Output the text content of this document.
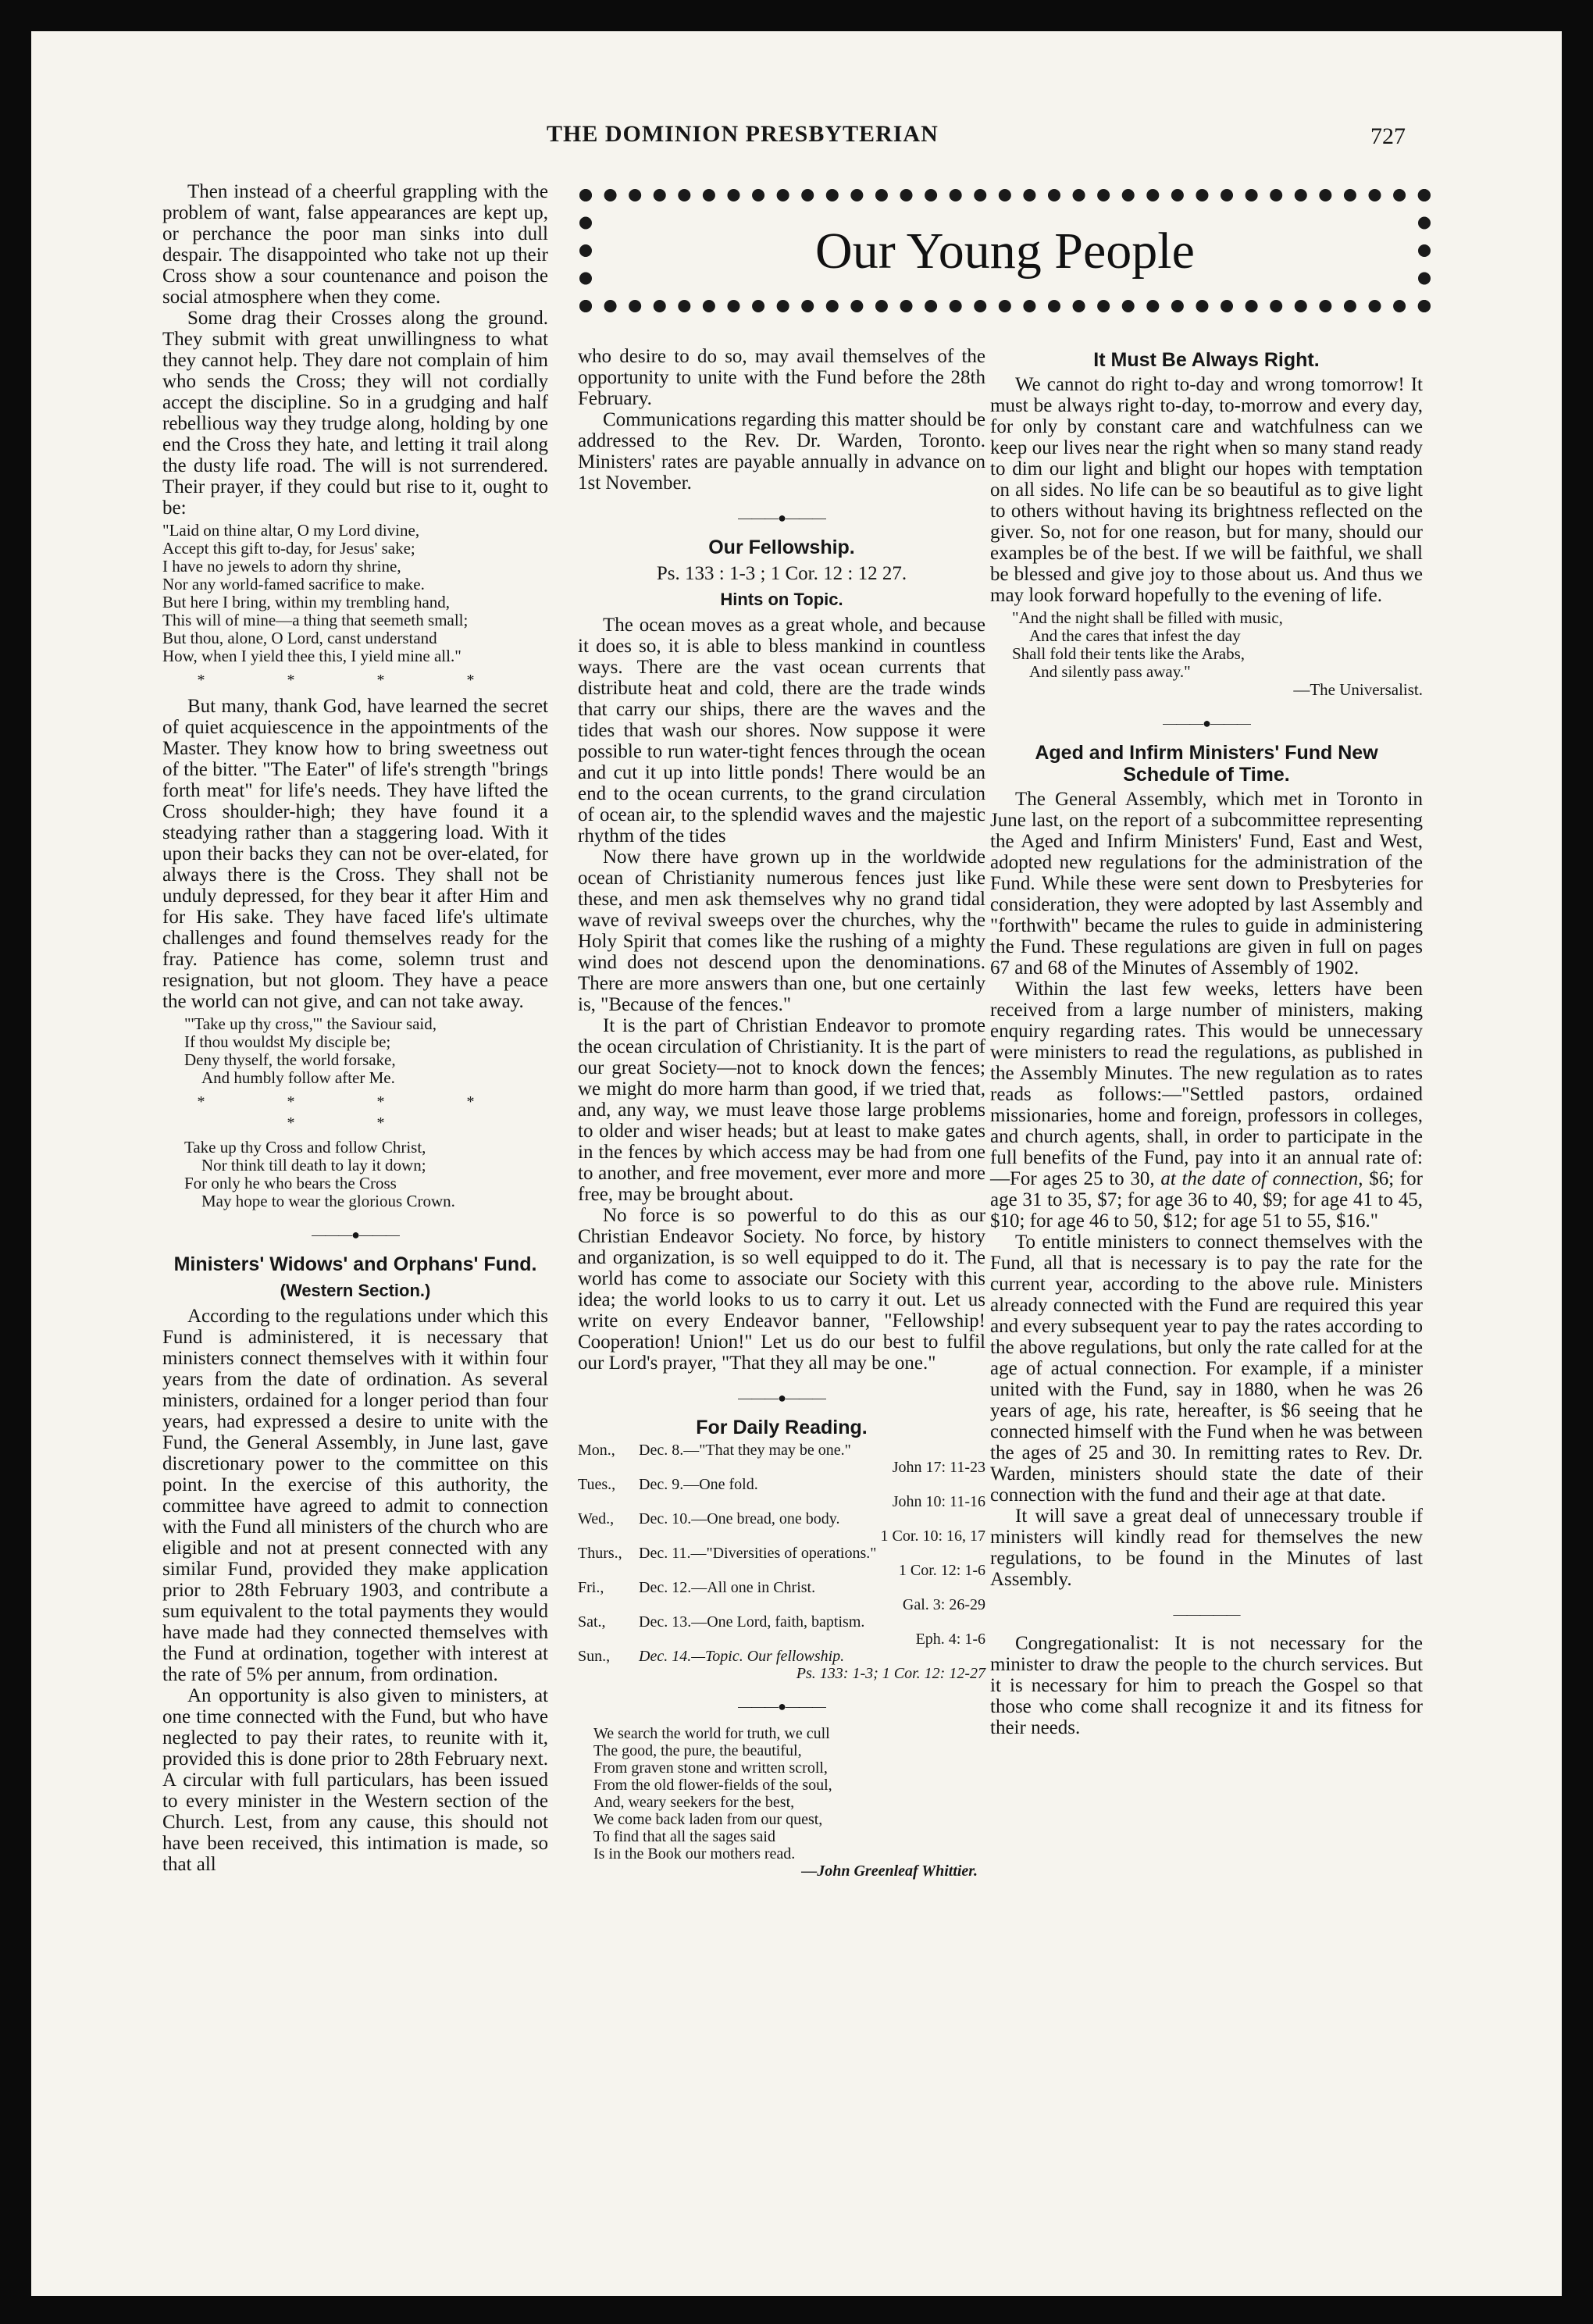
THE DOMINION PRESBYTERIAN	727
Our Young People

Then instead of a cheerful grappling with the problem of want, false appearances are kept up, or perchance the poor man sinks into dull despair. The disappointed who take not up their Cross show a sour countenance and poison the social atmosphere when they come.

Some drag their Crosses along the ground. They submit with great unwillingness to what they cannot help. They dare not complain of him who sends the Cross; they will not cordially accept the discipline. So in a grudging and half rebellious way they trudge along, holding by one end the Cross they hate, and letting it trail along the dusty life road. The will is not surrendered. Their prayer, if they could but rise to it, ought to be:

"Laid on thine altar, O my Lord divine,
Accept this gift to-day, for Jesus' sake;
I have no jewels to adorn thy shrine,
Nor any world-famed sacrifice to make.
But here I bring, within my trembling hand,
This will of mine—a thing that seemeth small;
But thou, alone, O Lord, canst understand
How, when I yield thee this, I yield mine all."
* * * *

But many, thank God, have learned the secret of quiet acquiescence in the appointments of the Master. They know how to bring sweetness out of the bitter. "The Eater" of life's strength "brings forth meat" for life's needs. They have lifted the Cross shoulder-high; they have found it a steadying rather than a staggering load. With it upon their backs they can not be over-elated, for always there is the Cross. They shall not be unduly depressed, for they bear it after Him and for His sake. They have faced life's ultimate challenges and found themselves ready for the fray. Patience has come, solemn trust and resignation, but not gloom. They have a peace the world can not give, and can not take away.

"'Take up thy cross,'" the Saviour said,
If thou wouldst My disciple be;
Deny thyself, the world forsake,
And humbly follow after Me.
* * * * * *
Take up thy Cross and follow Christ,
Nor think till death to lay it down;
For only he who bears the Cross
May hope to wear the glorious Crown.
———●———
Ministers' Widows' and Orphans' Fund.
(Western Section.)

According to the regulations under which this Fund is administered, it is necessary that ministers connect themselves with it within four years from the date of ordination. As several ministers, ordained for a longer period than four years, had expressed a desire to unite with the Fund, the General Assembly, in June last, gave discretionary power to the committee on this point. In the exercise of this authority, the committee have agreed to admit to connection with the Fund all ministers of the church who are eligible and not at present connected with any similar Fund, provided they make application prior to 28th February 1903, and contribute a sum equivalent to the total payments they would have made had they connected themselves with the Fund at ordination, together with interest at the rate of 5% per annum, from ordination.

An opportunity is also given to ministers, at one time connected with the Fund, but who have neglected to pay their rates, to reunite with it, provided this is done prior to 28th February next. A circular with full particulars, has been issued to every minister in the Western section of the Church. Lest, from any cause, this should not have been received, this intimation is made, so that all

who desire to do so, may avail themselves of the opportunity to unite with the Fund before the 28th February.

Communications regarding this matter should be addressed to the Rev. Dr. Warden, Toronto. Ministers' rates are payable annually in advance on 1st November.

———●———
Our Fellowship.
Ps. 133 : 1-3 ; 1 Cor. 12 : 12 27.
Hints on Topic.

The ocean moves as a great whole, and because it does so, it is able to bless mankind in countless ways. There are the vast ocean currents that distribute heat and cold, there are the trade winds that carry our ships, there are the waves and the tides that wash our shores. Now suppose it were possible to run water-tight fences through the ocean and cut it up into little ponds! There would be an end to the ocean currents, to the grand circulation of ocean air, to the splendid waves and the majestic rhythm of the tides

Now there have grown up in the worldwide ocean of Christianity numerous fences just like these, and men ask themselves why no grand tidal wave of revival sweeps over the churches, why the Holy Spirit that comes like the rushing of a mighty wind does not descend upon the denominations. There are more answers than one, but one certainly is, "Because of the fences."

It is the part of Christian Endeavor to promote the ocean circulation of Christianity. It is the part of our great Society—not to knock down the fences; we might do more harm than good, if we tried that, and, any way, we must leave those large problems to older and wiser heads; but at least to make gates in the fences by which access may be had from one to another, and free movement, ever more and more free, may be brought about.

No force is so powerful to do this as our Christian Endeavor Society. No force, by history and organization, is so well equipped to do it. The world has come to associate our Society with this idea; the world looks to us to carry it out. Let us write on every Endeavor banner, "Fellowship! Cooperation! Union!" Let us do our best to fulfil our Lord's prayer, "That they all may be one."

———●———
For Daily Reading.
Mon.,	Dec. 8.—"That they may be one."
John 17: 11-23
Tues.,	Dec. 9.—One fold.
John 10: 11-16
Wed.,	Dec. 10.—One bread, one body.
1 Cor. 10: 16, 17
Thurs.,	Dec. 11.—"Diversities of operations."
1 Cor. 12: 1-6
Fri.,	Dec. 12.—All one in Christ.
Gal. 3: 26-29
Sat.,	Dec. 13.—One Lord, faith, baptism.
Eph. 4: 1-6
Sun.,	Dec. 14.—Topic. Our fellowship.
Ps. 133: 1-3; 1 Cor. 12: 12-27
———●———
We search the world for truth, we cull
The good, the pure, the beautiful,
From graven stone and written scroll,
From the old flower-fields of the soul,
And, weary seekers for the best,
We come back laden from our quest,
To find that all the sages said
Is in the Book our mothers read.
—John Greenleaf Whittier.
It Must Be Always Right.

We cannot do right to-day and wrong tomorrow! It must be always right to-day, to-morrow and every day, for only by constant care and watchfulness can we keep our lives near the right when so many stand ready to dim our light and blight our hopes with temptation on all sides. No life can be so beautiful as to give light to others without having its brightness reflected on the giver. So, not for one reason, but for many, should our examples be of the best. If we will be faithful, we shall be blessed and give joy to those about us. And thus we may look forward hopefully to the evening of life.

"And the night shall be filled with music,
And the cares that infest the day
Shall fold their tents like the Arabs,
And silently pass away."
—The Universalist.
———●———
Aged and Infirm Ministers' Fund New Schedule of Time.

The General Assembly, which met in Toronto in June last, on the report of a subcommittee representing the Aged and Infirm Ministers' Fund, East and West, adopted new regulations for the administration of the Fund. While these were sent down to Presbyteries for consideration, they were adopted by last Assembly and "forthwith" became the rules to guide in administering the Fund. These regulations are given in full on pages 67 and 68 of the Minutes of Assembly of 1902.

Within the last few weeks, letters have been received from a large number of ministers, making enquiry regarding rates. This would be unnecessary were ministers to read the regulations, as published in the Assembly Minutes. The new regulation as to rates reads as follows:—"Settled pastors, ordained missionaries, home and foreign, professors in colleges, and church agents, shall, in order to participate in the full benefits of the Fund, pay into it an annual rate of:—For ages 25 to 30, at the date of connection, $6; for age 31 to 35, $7; for age 36 to 40, $9; for age 41 to 45, $10; for age 46 to 50, $12; for age 51 to 55, $16."

To entitle ministers to connect themselves with the Fund, all that is necessary is to pay the rate for the current year, according to the above rule. Ministers already connected with the Fund are required this year and every subsequent year to pay the rates according to the above regulations, but only the rate called for at the age of actual connection. For example, if a minister united with the Fund, say in 1880, when he was 26 years of age, his rate, hereafter, is $6 seeing that he connected himself with the Fund when he was between the ages of 25 and 30. In remitting rates to Rev. Dr. Warden, ministers should state the date of their connection with the fund and their age at that date.

It will save a great deal of unnecessary trouble if ministers will kindly read for themselves the new regulations, to be found in the Minutes of last Assembly.

—————

Congregationalist: It is not necessary for the minister to draw the people to the church services. But it is necessary for him to preach the Gospel so that those who come shall recognize it and its fitness for their needs.
